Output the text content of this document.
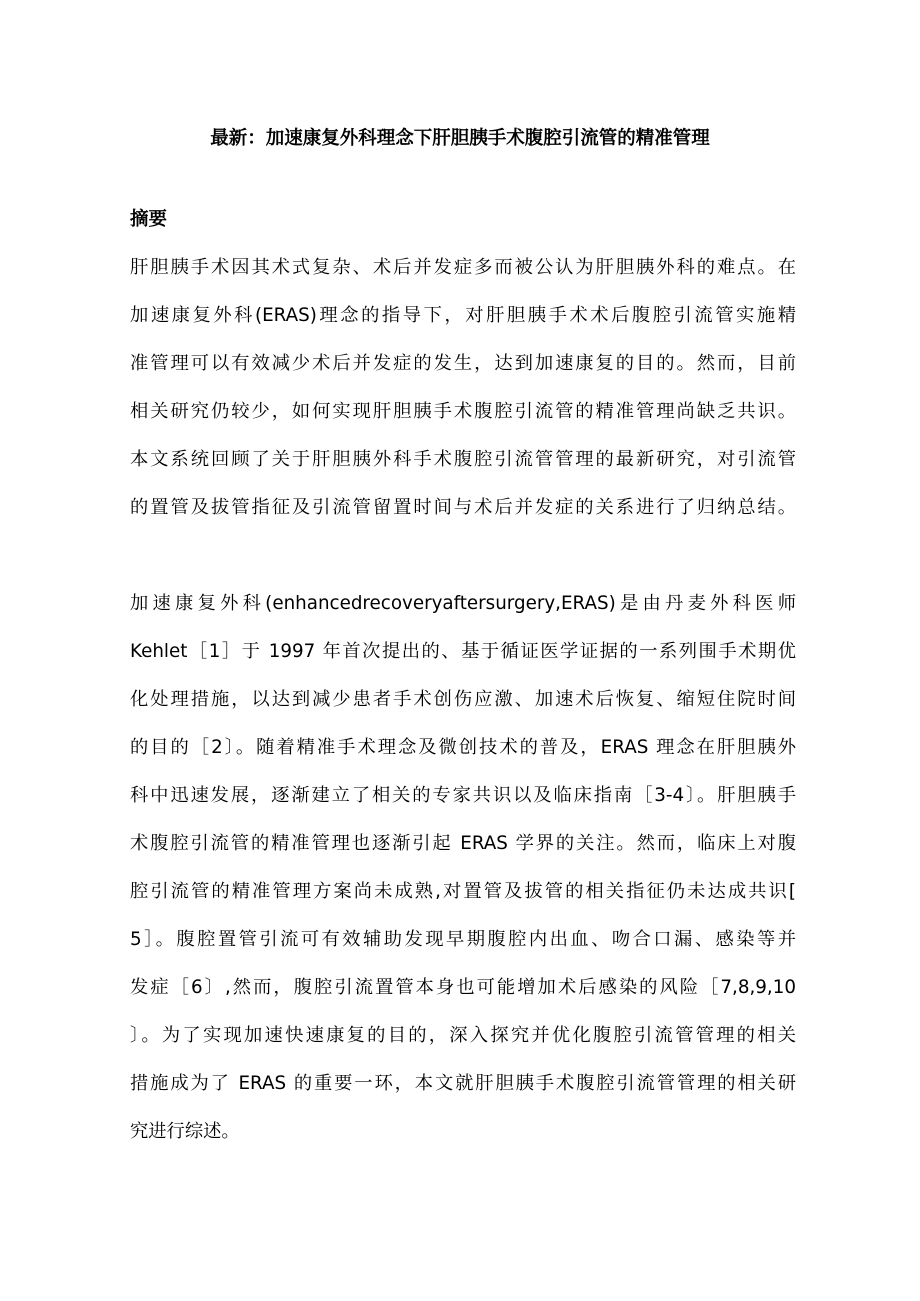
最新：加速康复外科理念下肝胆胰手术腹腔引流管的精准管理
摘要
肝胆胰手术因其术式复杂、术后并发症多而被公认为肝胆胰外科的难点。在
加速康复外科(ERAS)理念的指导下，对肝胆胰手术术后腹腔引流管实施精
准管理可以有效减少术后并发症的发生，达到加速康复的目的。然而，目前
相关研究仍较少，如何实现肝胆胰手术腹腔引流管的精准管理尚缺乏共识。
本文系统回顾了关于肝胆胰外科手术腹腔引流管管理的最新研究，对引流管
的置管及拔管指征及引流管留置时间与术后并发症的关系进行了归纳总结。
加速康复外科(enhancedrecoveryaftersurgery,ERAS)是由丹麦外科医师
Kehlet［1］于 1997 年首次提出的、基于循证医学证据的一系列围手术期优
化处理措施，以达到减少患者手术创伤应激、加速术后恢复、缩短住院时间
的目的［2〕。随着精准手术理念及微创技术的普及，ERAS 理念在肝胆胰外
科中迅速发展，逐渐建立了相关的专家共识以及临床指南［3-4〕。肝胆胰手
术腹腔引流管的精准管理也逐渐引起 ERAS 学界的关注。然而，临床上对腹
腔引流管的精准管理方案尚未成熟,对置管及拔管的相关指征仍未达成共识[
5］。腹腔置管引流可有效辅助发现早期腹腔内出血、吻合口漏、感染等并
发症［6〕,然而，腹腔引流置管本身也可能增加术后感染的风险［7,8,9,10
〕。为了实现加速快速康复的目的，深入探究并优化腹腔引流管管理的相关
措施成为了 ERAS 的重要一环，本文就肝胆胰手术腹腔引流管管理的相关研
究进行综述。
